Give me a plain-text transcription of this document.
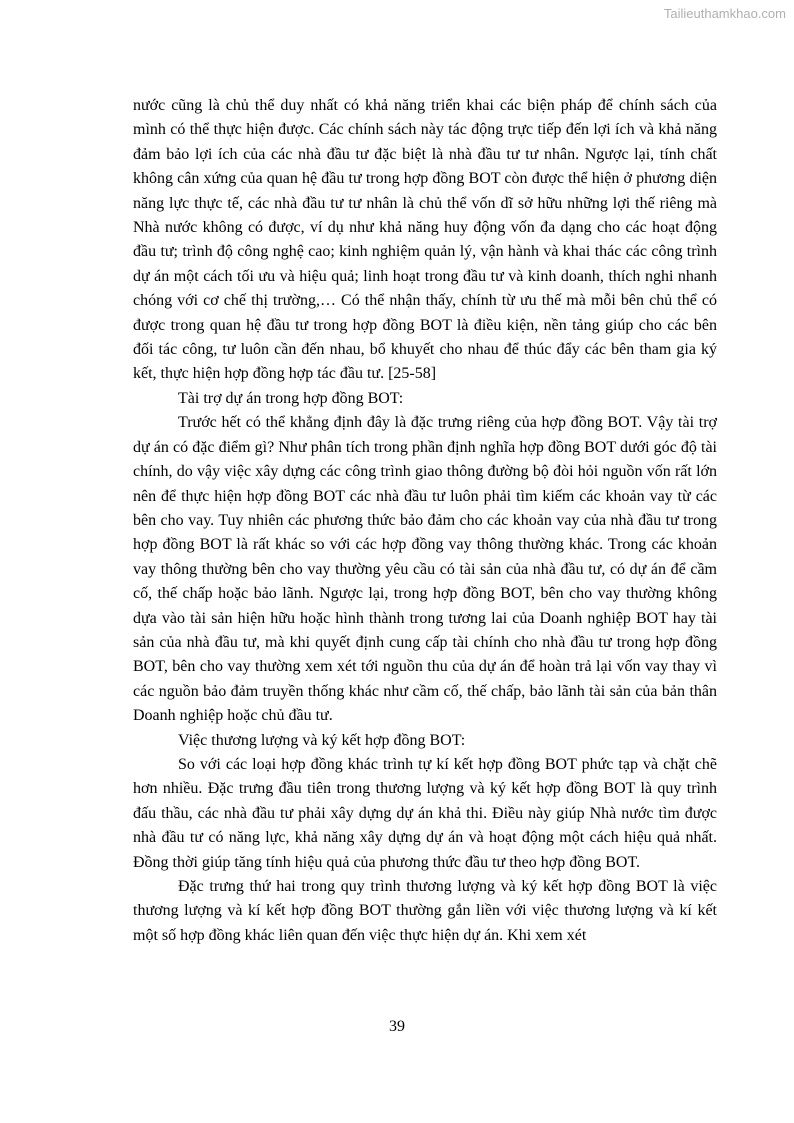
Tailieuthamkhao.com

nước cũng là chủ thể duy nhất có khả năng triển khai các biện pháp để chính sách của mình có thể thực hiện được. Các chính sách này tác động trực tiếp đến lợi ích và khả năng đảm bảo lợi ích của các nhà đầu tư đặc biệt là nhà đầu tư tư nhân. Ngược lại, tính chất không cân xứng của quan hệ đầu tư trong hợp đồng BOT còn được thể hiện ở phương diện năng lực thực tế, các nhà đầu tư tư nhân là chủ thể vốn dĩ sở hữu những lợi thế riêng mà Nhà nước không có được, ví dụ như khả năng huy động vốn đa dạng cho các hoạt động đầu tư; trình độ công nghệ cao; kinh nghiệm quản lý, vận hành và khai thác các công trình dự án một cách tối ưu và hiệu quả; linh hoạt trong đầu tư và kinh doanh, thích nghi nhanh chóng với cơ chế thị trường,… Có thể nhận thấy, chính từ ưu thế mà mỗi bên chủ thể có được trong quan hệ đầu tư trong hợp đồng BOT là điều kiện, nền tảng giúp cho các bên đối tác công, tư luôn cần đến nhau, bổ khuyết cho nhau để thúc đẩy các bên tham gia ký kết, thực hiện hợp đồng hợp tác đầu tư. [25-58]

Tài trợ dự án trong hợp đồng BOT:

Trước hết có thể khẳng định đây là đặc trưng riêng của hợp đồng BOT. Vậy tài trợ dự án có đặc điểm gì? Như phân tích trong phần định nghĩa hợp đồng BOT dưới góc độ tài chính, do vậy việc xây dựng các công trình giao thông đường bộ đòi hỏi nguồn vốn rất lớn nên để thực hiện hợp đồng BOT các nhà đầu tư luôn phải tìm kiếm các khoản vay từ các bên cho vay. Tuy nhiên các phương thức bảo đảm cho các khoản vay của nhà đầu tư trong hợp đồng BOT là rất khác so với các hợp đồng vay thông thường khác. Trong các khoản vay thông thường bên cho vay thường yêu cầu có tài sản của nhà đầu tư, có dự án để cầm cố, thế chấp hoặc bảo lãnh. Ngược lại, trong hợp đồng BOT, bên cho vay thường không dựa vào tài sản hiện hữu hoặc hình thành trong tương lai của Doanh nghiệp BOT hay tài sản của nhà đầu tư, mà khi quyết định cung cấp tài chính cho nhà đầu tư trong hợp đồng BOT, bên cho vay thường xem xét tới nguồn thu của dự án để hoàn trả lại vốn vay thay vì các nguồn bảo đảm truyền thống khác như cầm cố, thế chấp, bảo lãnh tài sản của bản thân Doanh nghiệp hoặc chủ đầu tư.

Việc thương lượng và ký kết hợp đồng BOT:

So với các loại hợp đồng khác trình tự kí kết hợp đồng BOT phức tạp và chặt chẽ hơn nhiều. Đặc trưng đầu tiên trong thương lượng và ký kết hợp đồng BOT là quy trình đấu thầu, các nhà đầu tư phải xây dựng dự án khả thi. Điều này giúp Nhà nước tìm được nhà đầu tư có năng lực, khả năng xây dựng dự án và hoạt động một cách hiệu quả nhất. Đồng thời giúp tăng tính hiệu quả của phương thức đầu tư theo hợp đồng BOT.

Đặc trưng thứ hai trong quy trình thương lượng và ký kết hợp đồng BOT là việc thương lượng và kí kết hợp đồng BOT thường gắn liền với việc thương lượng và kí kết một số hợp đồng khác liên quan đến việc thực hiện dự án. Khi xem xét

39
